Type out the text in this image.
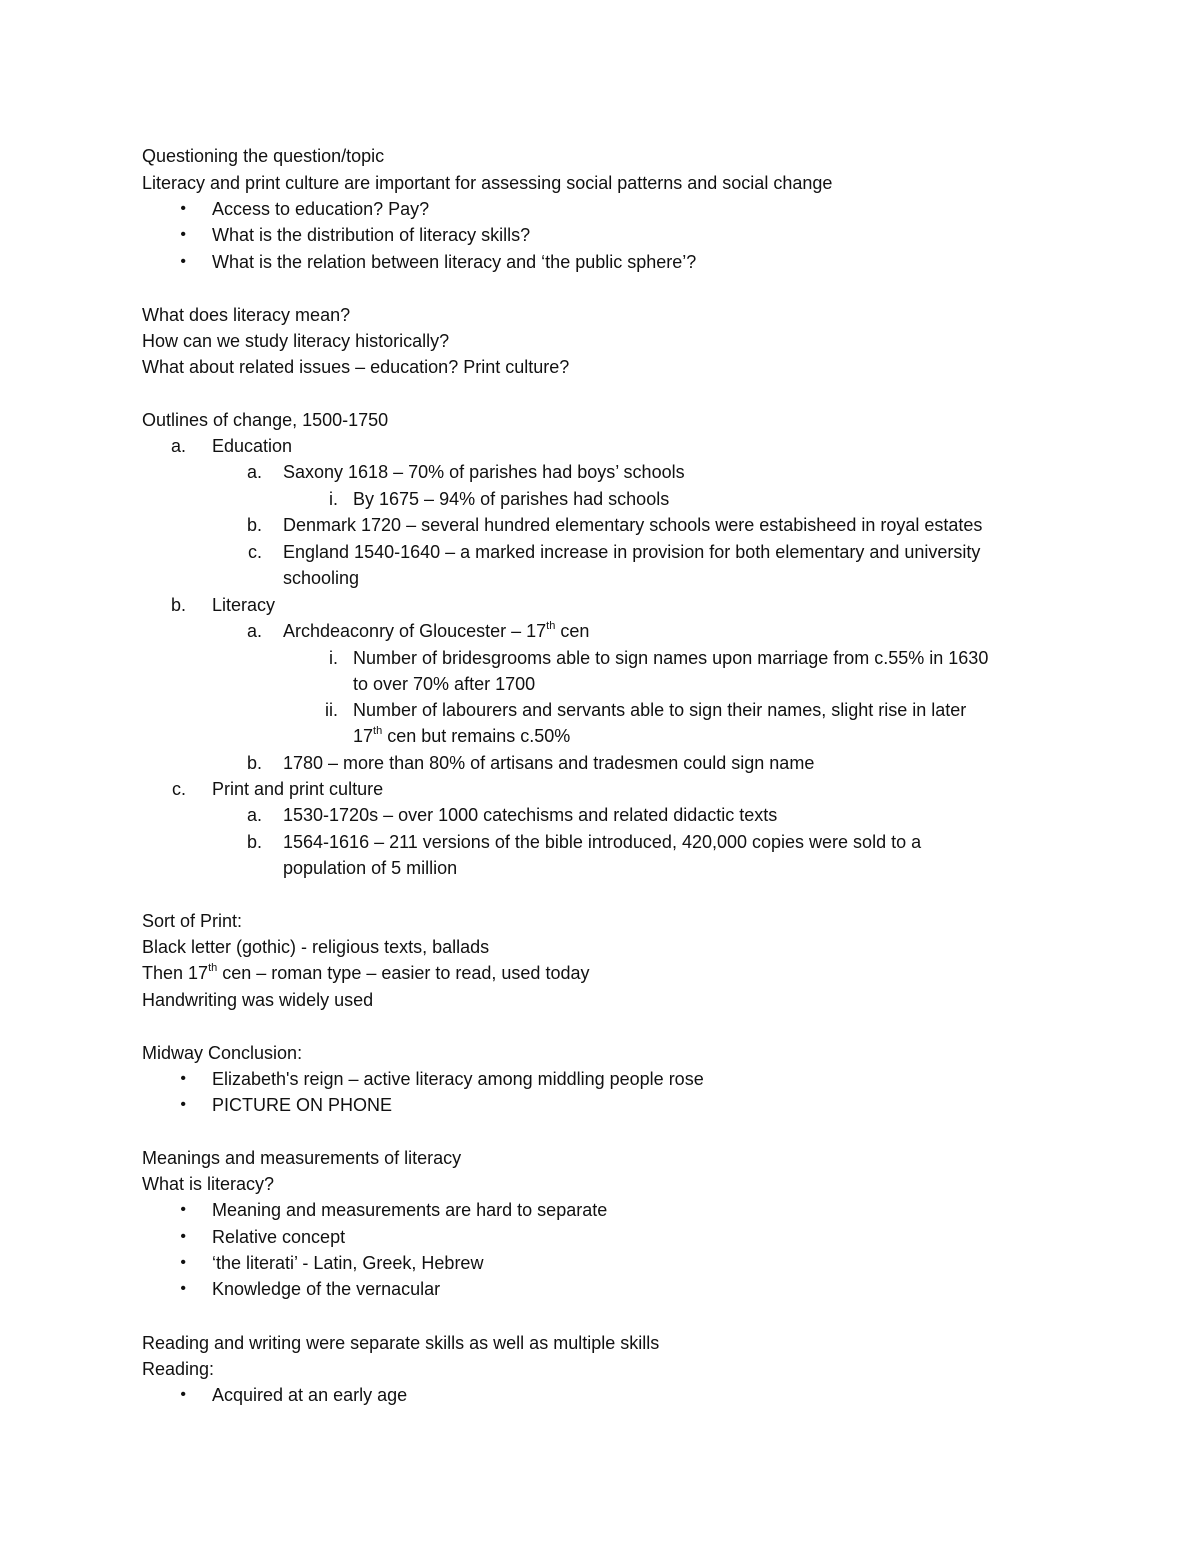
Questioning the question/topic
Literacy and print culture are important for assessing social patterns and social change
• Access to education? Pay?
• What is the distribution of literacy skills?
• What is the relation between literacy and ‘the public sphere’?
What does literacy mean?
How can we study literacy historically?
What about related issues – education? Print culture?
Outlines of change, 1500-1750
a. Education
a. Saxony 1618 – 70% of parishes had boys’ schools
i. By 1675 – 94% of parishes had schools
b. Denmark 1720 – several hundred elementary schools were estabisheed in royal estates
c. England 1540-1640 – a marked increase in provision for both elementary and university
schooling
b. Literacy
a. Archdeaconry of Gloucester – 17th cen
i. Number of bridesgrooms able to sign names upon marriage from c.55% in 1630
to over 70% after 1700
ii. Number of labourers and servants able to sign their names, slight rise in later
17th cen but remains c.50%
b. 1780 – more than 80% of artisans and tradesmen could sign name
c. Print and print culture
a. 1530-1720s – over 1000 catechisms and related didactic texts
b. 1564-1616 – 211 versions of the bible introduced, 420,000 copies were sold to a
population of 5 million
Sort of Print:
Black letter (gothic) - religious texts, ballads
Then 17th cen – roman type – easier to read, used today
Handwriting was widely used
Midway Conclusion:
• Elizabeth's reign – active literacy among middling people rose
• PICTURE ON PHONE
Meanings and measurements of literacy
What is literacy?
• Meaning and measurements are hard to separate
• Relative concept
• ‘the literati’ - Latin, Greek, Hebrew
• Knowledge of the vernacular
Reading and writing were separate skills as well as multiple skills
Reading:
• Acquired at an early age
